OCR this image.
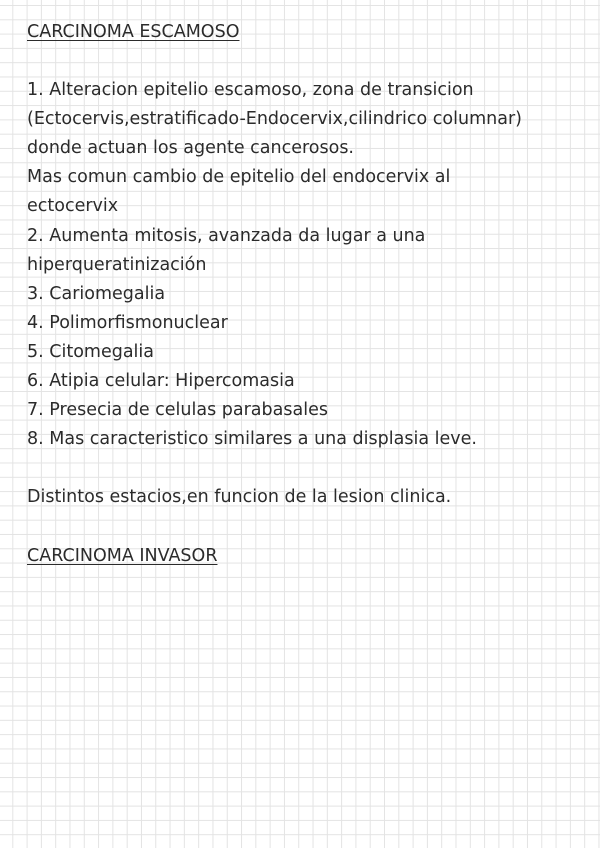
CARCINOMA ESCAMOSO
1. Alteracion epitelio escamoso, zona de transicion
(Ectocervis,estratificado-Endocervix,cilindrico columnar)
donde actuan los agente cancerosos.
Mas comun cambio de epitelio del endocervix al
ectocervix
2. Aumenta mitosis, avanzada da lugar a una
hiperqueratinización
3. Cariomegalia
4. Polimorfismonuclear
5. Citomegalia
6. Atipia celular: Hipercomasia
7. Presecia de celulas parabasales
8. Mas caracteristico similares a una displasia leve.
Distintos estacios,en funcion de la lesion clinica.
CARCINOMA INVASOR
